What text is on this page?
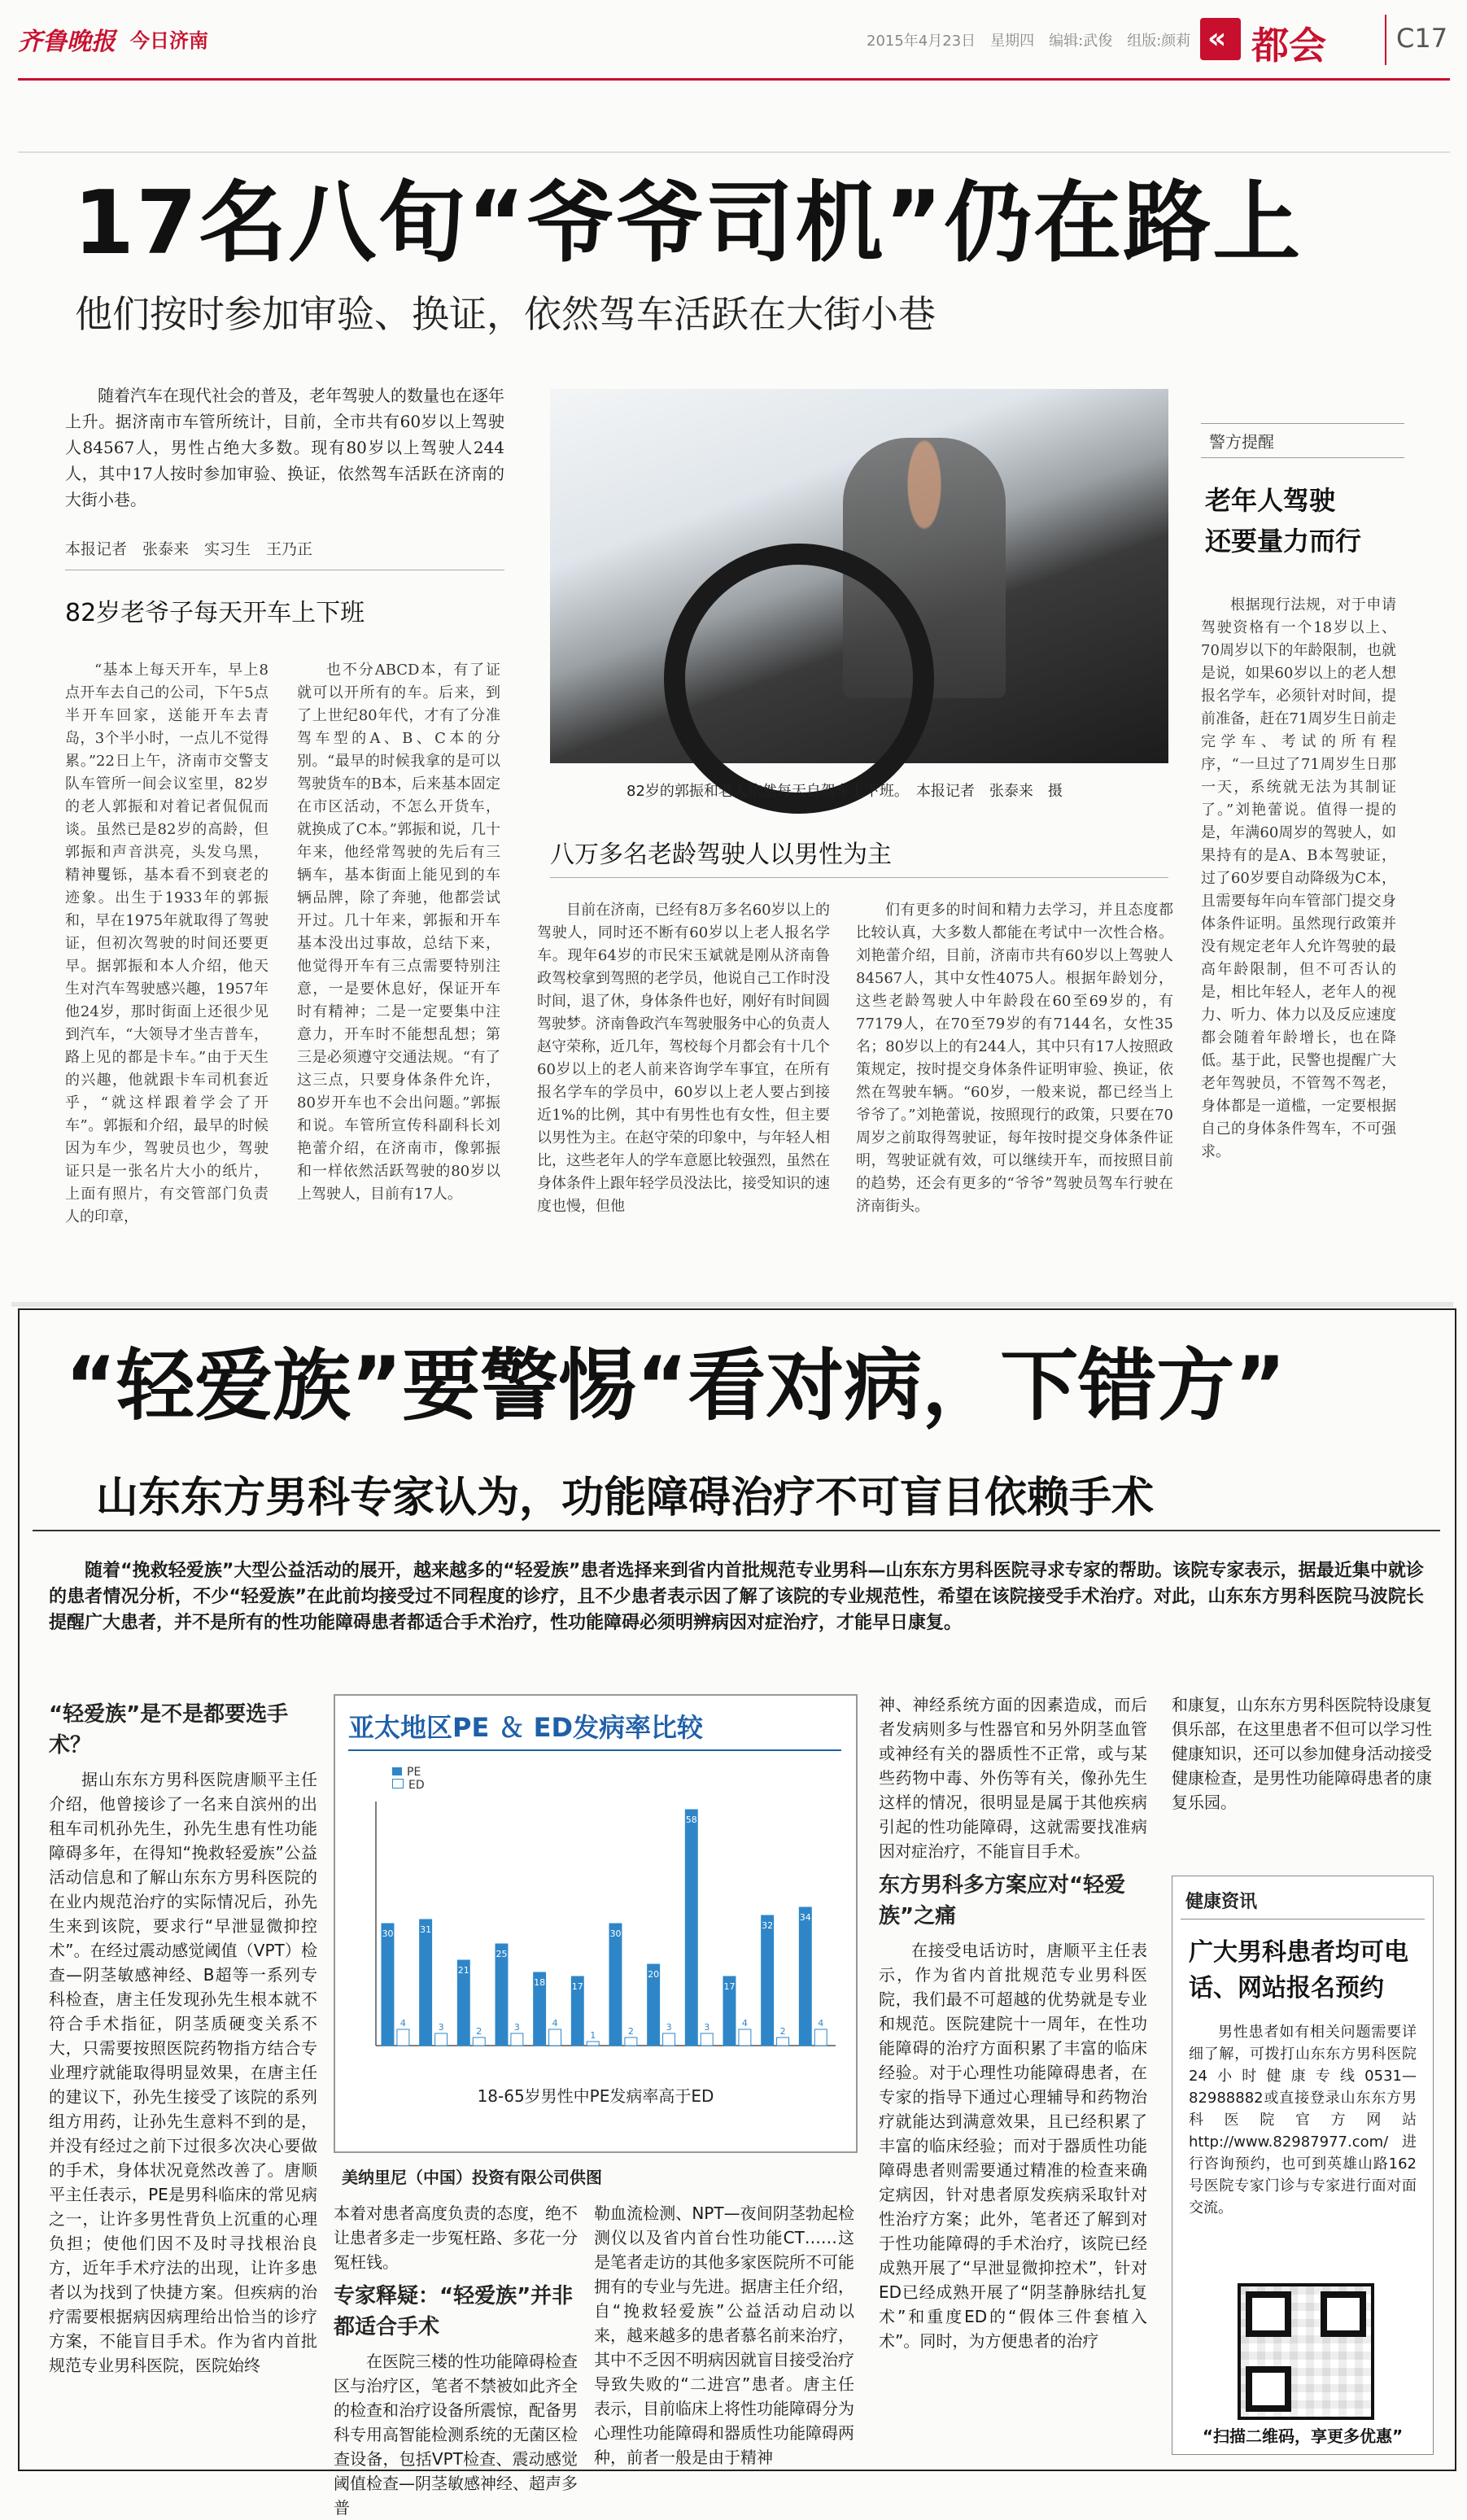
齐鲁晚报 今日济南	2015年4月23日　星期四　编辑:武俊　组版:颜莉 « 都会	C17
17名八旬“爷爷司机”仍在路上
他们按时参加审验、换证，依然驾车活跃在大街小巷

随着汽车在现代社会的普及，老年驾驶人的数量也在逐年上升。据济南市车管所统计，目前，全市共有60岁以上驾驶人84567人，男性占绝大多数。现有80岁以上驾驶人244人，其中17人按时参加审验、换证，依然驾车活跃在济南的大街小巷。

本报记者　张泰来　实习生　王乃正
82岁老爷子每天开车上下班

“基本上每天开车，早上8点开车去自己的公司，下午5点半开车回家，送能开车去青岛，3个半小时，一点儿不觉得累。”22日上午，济南市交警支队车管所一间会议室里，82岁的老人郭振和对着记者侃侃而谈。虽然已是82岁的高龄，但郭振和声音洪亮，头发乌黑，精神矍铄，基本看不到衰老的迹象。出生于1933年的郭振和，早在1975年就取得了驾驶证，但初次驾驶的时间还要更早。据郭振和本人介绍，他天生对汽车驾驶感兴趣，1957年他24岁，那时街面上还很少见到汽车，“大领导才坐吉普车，路上见的都是卡车。”由于天生的兴趣，他就跟卡车司机套近乎，“就这样跟着学会了开车”。郭振和介绍，最早的时候因为车少，驾驶员也少，驾驶证只是一张名片大小的纸片，上面有照片，有交管部门负责人的印章，

也不分ABCD本，有了证就可以开所有的车。后来，到了上世纪80年代，才有了分准驾车型的A、B、C本的分别。“最早的时候我拿的是可以驾驶货车的B本，后来基本固定在市区活动，不怎么开货车，就换成了C本。”郭振和说，几十年来，他经常驾驶的先后有三辆车，基本街面上能见到的车辆品牌，除了奔驰，他都尝试开过。几十年来，郭振和开车基本没出过事故，总结下来，他觉得开车有三点需要特别注意，一是要休息好，保证开车时有精神；二是一定要集中注意力，开车时不能想乱想；第三是必须遵守交通法规。“有了这三点，只要身体条件允许，80岁开车也不会出问题。”郭振和说。车管所宣传科副科长刘艳蕾介绍，在济南市，像郭振和一样依然活跃驾驶的80岁以上驾驶人，目前有17人。

82岁的郭振和老人依然每天自驾车上下班。　本报记者　张泰来　摄
八万多名老龄驾驶人以男性为主

目前在济南，已经有8万多名60岁以上的驾驶人，同时还不断有60岁以上老人报名学车。现年64岁的市民宋玉斌就是刚从济南鲁政驾校拿到驾照的老学员，他说自己工作时没时间，退了休，身体条件也好，刚好有时间圆驾驶梦。济南鲁政汽车驾驶服务中心的负责人赵守荣称，近几年，驾校每个月都会有十几个60岁以上的老人前来咨询学车事宜，在所有报名学车的学员中，60岁以上老人要占到接近1%的比例，其中有男性也有女性，但主要以男性为主。在赵守荣的印象中，与年轻人相比，这些老年人的学车意愿比较强烈，虽然在身体条件上跟年轻学员没法比，接受知识的速度也慢，但他

们有更多的时间和精力去学习，并且态度都比较认真，大多数人都能在考试中一次性合格。刘艳蕾介绍，目前，济南市共有60岁以上驾驶人84567人，其中女性4075人。根据年龄划分，这些老龄驾驶人中年龄段在60至69岁的，有77179人，在70至79岁的有7144名，女性35名；80岁以上的有244人，其中只有17人按照政策规定，按时提交身体条件证明审验、换证，依然在驾驶车辆。“60岁，一般来说，都已经当上爷爷了。”刘艳蕾说，按照现行的政策，只要在70周岁之前取得驾驶证，每年按时提交身体条件证明，驾驶证就有效，可以继续开车，而按照目前的趋势，还会有更多的“爷爷”驾驶员驾车行驶在济南街头。

警方提醒
老年人驾驶
还要量力而行

根据现行法规，对于申请驾驶资格有一个18岁以上、70周岁以下的年龄限制，也就是说，如果60岁以上的老人想报名学车，必须针对时间，提前准备，赶在71周岁生日前走完学车、考试的所有程序，“一旦过了71周岁生日那一天，系统就无法为其制证了。”刘艳蕾说。值得一提的是，年满60周岁的驾驶人，如果持有的是A、B本驾驶证，过了60岁要自动降级为C本，且需要每年向车管部门提交身体条件证明。虽然现行政策并没有规定老年人允许驾驶的最高年龄限制，但不可否认的是，相比年轻人，老年人的视力、听力、体力以及反应速度都会随着年龄增长，也在降低。基于此，民警也提醒广大老年驾驶员，不管驾不驾老，身体都是一道槛，一定要根据自己的身体条件驾车，不可强求。

“轻爱族”要警惕“看对病，下错方”
山东东方男科专家认为，功能障碍治疗不可盲目依赖手术

随着“挽救轻爱族”大型公益活动的展开，越来越多的“轻爱族”患者选择来到省内首批规范专业男科—山东东方男科医院寻求专家的帮助。该院专家表示，据最近集中就诊的患者情况分析，不少“轻爱族”在此前均接受过不同程度的诊疗，且不少患者表示因了解了该院的专业规范性，希望在该院接受手术治疗。对此，山东东方男科医院马波院长提醒广大患者，并不是所有的性功能障碍患者都适合手术治疗，性功能障碍必须明辨病因对症治疗，才能早日康复。

“轻爱族”是不是都要选手术？

据山东东方男科医院唐顺平主任介绍，他曾接诊了一名来自滨州的出租车司机孙先生，孙先生患有性功能障碍多年，在得知“挽救轻爱族”公益活动信息和了解山东东方男科医院的在业内规范治疗的实际情况后，孙先生来到该院，要求行“早泄显微抑控术”。在经过震动感觉阈值（VPT）检查—阴茎敏感神经、B超等一系列专科检查，唐主任发现孙先生根本就不符合手术指征，阴茎质硬变关系不大，只需要按照医院药物指方结合专业理疗就能取得明显效果，在唐主任的建议下，孙先生接受了该院的系列组方用药，让孙先生意料不到的是，并没有经过之前下过很多次决心要做的手术，身体状况竟然改善了。唐顺平主任表示，PE是男科临床的常见病之一，让许多男性背负上沉重的心理负担；使他们因不及时寻找根治良方，近年手术疗法的出现，让许多患者以为找到了快捷方案。但疾病的治疗需要根据病因病理给出恰当的诊疗方案，不能盲目手术。作为省内首批规范专业男科医院，医院始终

亚太地区PE ＆ ED发病率比较
PE
ED
30	31
21
25
18	17
30
20
58
17
32
34
4	3	2	3	4
1	2	3	3	4
2
4
18-65岁男性中PE发病率高于ED
美纳里尼（中国）投资有限公司供图

本着对患者高度负责的态度，绝不让患者多走一步冤枉路、多花一分冤枉钱。

专家释疑：“轻爱族”并非都适合手术

在医院三楼的性功能障碍检查区与治疗区，笔者不禁被如此齐全的检查和治疗设备所震惊，配备男科专用高智能检测系统的无菌区检查设备，包括VPT检查、震动感觉阈值检查—阴茎敏感神经、超声多普

勒血流检测、NPT—夜间阴茎勃起检测仪以及省内首台性功能CT……这是笔者走访的其他多家医院所不可能拥有的专业与先进。据唐主任介绍，自“挽救轻爱族”公益活动启动以来，越来越多的患者慕名前来治疗，其中不乏因不明病因就盲目接受治疗导致失败的“二进宫”患者。唐主任表示，目前临床上将性功能障碍分为心理性功能障碍和器质性功能障碍两种，前者一般是由于精神

神、神经系统方面的因素造成，而后者发病则多与性器官和另外阴茎血管或神经有关的器质性不正常，或与某些药物中毒、外伤等有关，像孙先生这样的情况，很明显是属于其他疾病引起的性功能障碍，这就需要找准病因对症治疗，不能盲目手术。

东方男科多方案应对“轻爱族”之痛

在接受电话访时，唐顺平主任表示，作为省内首批规范专业男科医院，我们最不可超越的优势就是专业和规范。医院建院十一周年，在性功能障碍的治疗方面积累了丰富的临床经验。对于心理性功能障碍患者，在专家的指导下通过心理辅导和药物治疗就能达到满意效果，且已经积累了丰富的临床经验；而对于器质性功能障碍患者则需要通过精准的检查来确定病因，针对患者原发疾病采取针对性治疗方案；此外，笔者还了解到对于性功能障碍的手术治疗，该院已经成熟开展了“早泄显微抑控术”，针对ED已经成熟开展了“阴茎静脉结扎复术”和重度ED的“假体三件套植入术”。同时，为方便患者的治疗

和康复，山东东方男科医院特设康复俱乐部，在这里患者不但可以学习性健康知识，还可以参加健身活动接受健康检查，是男性功能障碍患者的康复乐园。

健康资讯
广大男科患者均可电话、网站报名预约

男性患者如有相关问题需要详细了解，可拨打山东东方男科医院24小时健康专线0531—82988882或直接登录山东东方男科医院官方网站http://www.82987977.com/进行咨询预约，也可到英雄山路162号医院专家门诊与专家进行面对面交流。

“扫描二维码，享更多优惠”
